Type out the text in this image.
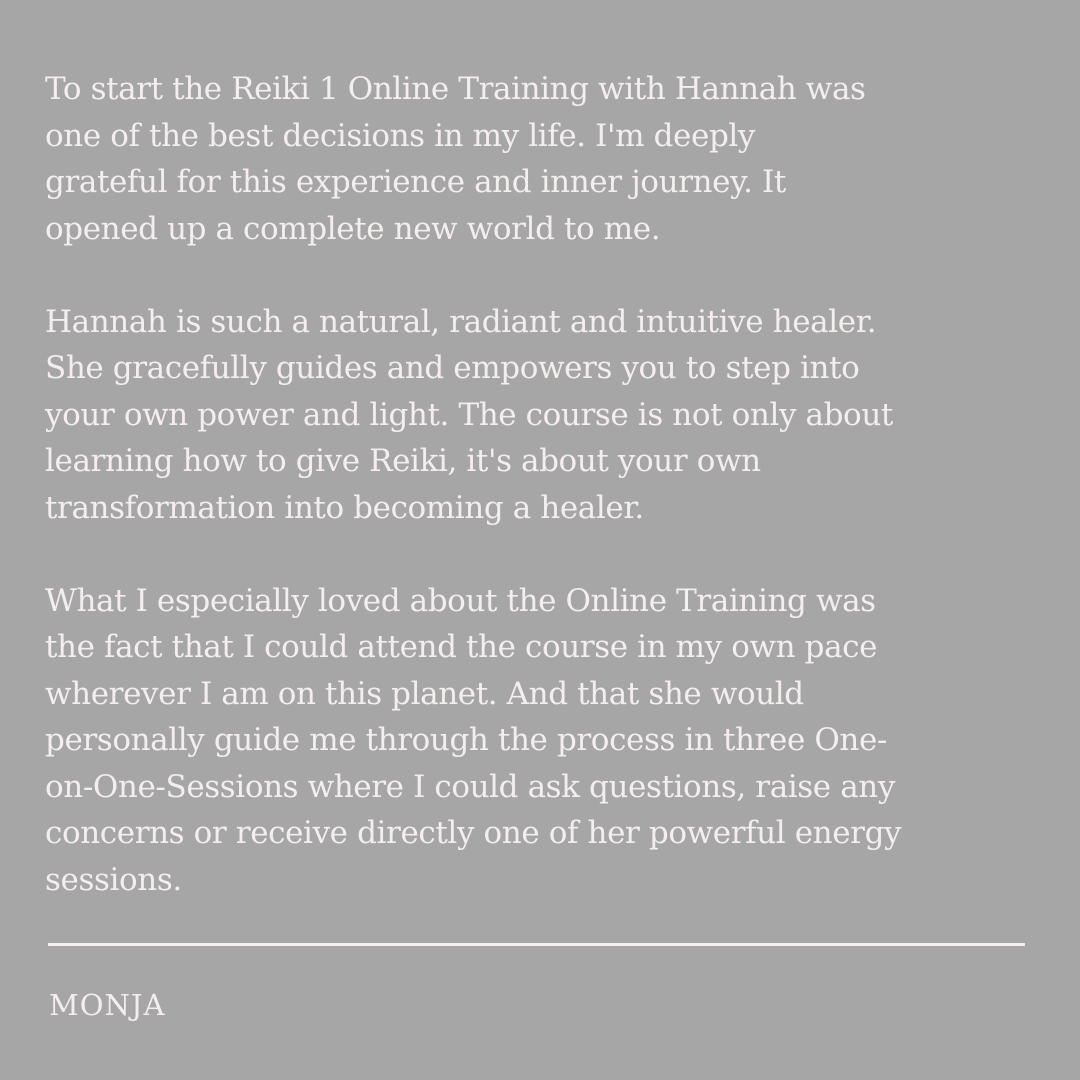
To start the Reiki 1 Online Training with Hannah was
one of the best decisions in my life. I'm deeply
grateful for this experience and inner journey. It
opened up a complete new world to me.

Hannah is such a natural, radiant and intuitive healer.
She gracefully guides and empowers you to step into
your own power and light. The course is not only about
learning how to give Reiki, it's about your own
transformation into becoming a healer.

What I especially loved about the Online Training was
the fact that I could attend the course in my own pace
wherever I am on this planet. And that she would
personally guide me through the process in three One-
on-One-Sessions where I could ask questions, raise any
concerns or receive directly one of her powerful energy
sessions.

MONJA
